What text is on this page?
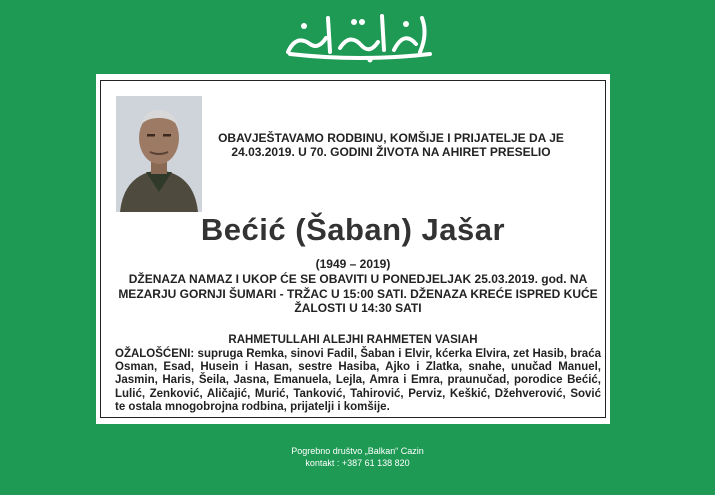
OBAVJEŠTAVAMO RODBINU, KOMŠIJE I PRIJATELJE DA JE 24.03.2019. U 70. GODINI ŽIVOTA NA AHIRET PRESELIO
Bećić (Šaban) Jašar
(1949 – 2019)
DŽENAZA NAMAZ I UKOP ĆE SE OBAVITI U PONEDJELJAK 25.03.2019. god. NA MEZARJU GORNJI ŠUMARI - TRŽAC U 15:00 SATI. DŽENAZA KREĆE ISPRED KUĆE ŽALOSTI U 14:30 SATI
RAHMETULLAHI ALEJHI RAHMETEN VASIAH
OŽALOŠĆENI: supruga Remka, sinovi Fadil, Šaban i Elvir, kćerka Elvira, zet Hasib, braća Osman, Esad, Husein i Hasan, sestre Hasiba, Ajko i Zlatka, snahe, unučad Manuel, Jasmin, Haris, Šeila, Jasna, Emanuela, Lejla, Amra i Emra, praunučad, porodice Bećić, Lulić, Zenković, Aličajić, Murić, Tanković, Tahirović, Perviz, Keškić, Džehverović, Sović te ostala mnogobrojna rodbina, prijatelji i komšije.
Pogrebno društvo „Balkan“ Cazin
kontakt : +387 61 138 820
